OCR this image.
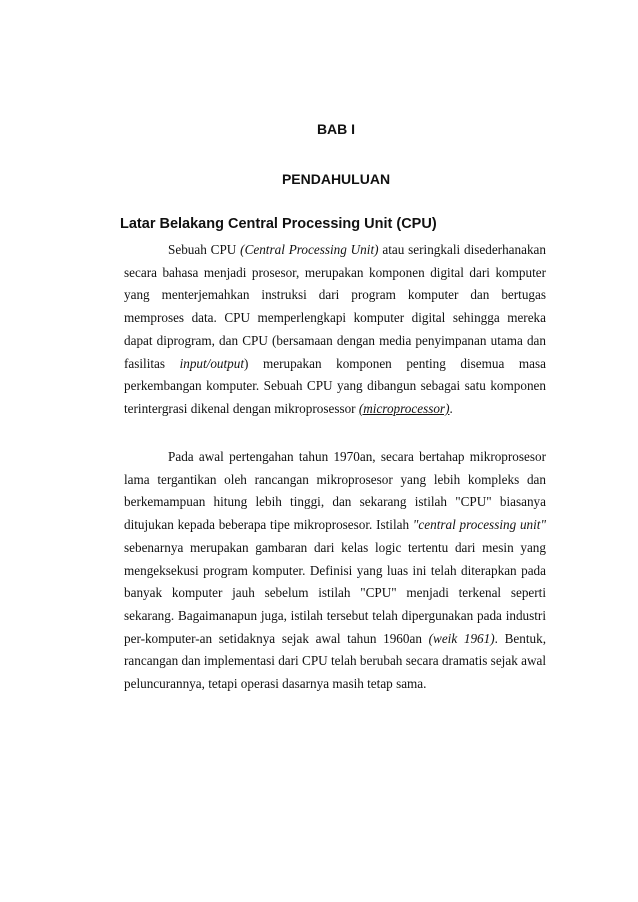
BAB I
PENDAHULUAN
Latar Belakang Central Processing Unit (CPU)

Sebuah CPU (Central Processing Unit) atau seringkali disederhanakan secara bahasa menjadi prosesor, merupakan komponen digital dari komputer yang menterjemahkan instruksi dari program komputer dan bertugas memproses data. CPU memperlengkapi komputer digital sehingga mereka dapat diprogram, dan CPU (bersamaan dengan media penyimpanan utama dan fasilitas input/output) merupakan komponen penting disemua masa perkembangan komputer. Sebuah CPU yang dibangun sebagai satu komponen terintergrasi dikenal dengan mikroprosessor (microprocessor).

Pada awal pertengahan tahun 1970an, secara bertahap mikroprosesor lama tergantikan oleh rancangan mikroprosesor yang lebih kompleks dan berkemampuan hitung lebih tinggi, dan sekarang istilah "CPU" biasanya ditujukan kepada beberapa tipe mikroprosesor. Istilah "central processing unit" sebenarnya merupakan gambaran dari kelas logic tertentu dari mesin yang mengeksekusi program komputer. Definisi yang luas ini telah diterapkan pada banyak komputer jauh sebelum istilah "CPU" menjadi terkenal seperti sekarang. Bagaimanapun juga, istilah tersebut telah dipergunakan pada industri per-komputer-an setidaknya sejak awal tahun 1960an (weik 1961). Bentuk, rancangan dan implementasi dari CPU telah berubah secara dramatis sejak awal peluncurannya, tetapi operasi dasarnya masih tetap sama.
